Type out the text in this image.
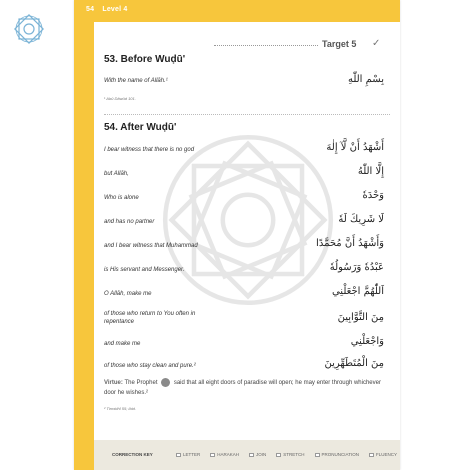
54 Level 4
Target 5 ✓
53. Before Wuḍū'
With the name of Allāh.¹	بِسْمِ اللّٰهِ
¹ Abū Dāwūd 101.
54. After Wuḍū'
I bear witness that there is no god	أَشْهَدُ أَنْ لَّآ إِلٰهَ
but Allāh,	إِلَّا اللّٰهُ
Who is alone	وَحْدَهٗ
and has no partner	لَا شَرِيكَ لَهٗ
and I bear witness that Muhammad	وَأَشْهَدُ أَنَّ مُحَمَّدًا
is His servant and Messenger.	عَبْدُهٗ وَرَسُولُهٗ
O Allāh, make me	اَللّٰهُمَّ اجْعَلْنِي
of those who return to You often in repentance	مِنَ التَّوَّابِينَ
and make me	وَاجْعَلْنِي
of those who stay clean and pure.²	مِنَ الْمُتَطَهِّرِينَ
Virtue: The Prophet	said that all eight doors of paradise will open; he may enter through whichever door he wishes.²
² Tirmidhī 55; Ibid.
CORRECTION KEY	LETTER	HARAKAH	JOIN	STRETCH	PRONUNCIATION	FLUENCY
